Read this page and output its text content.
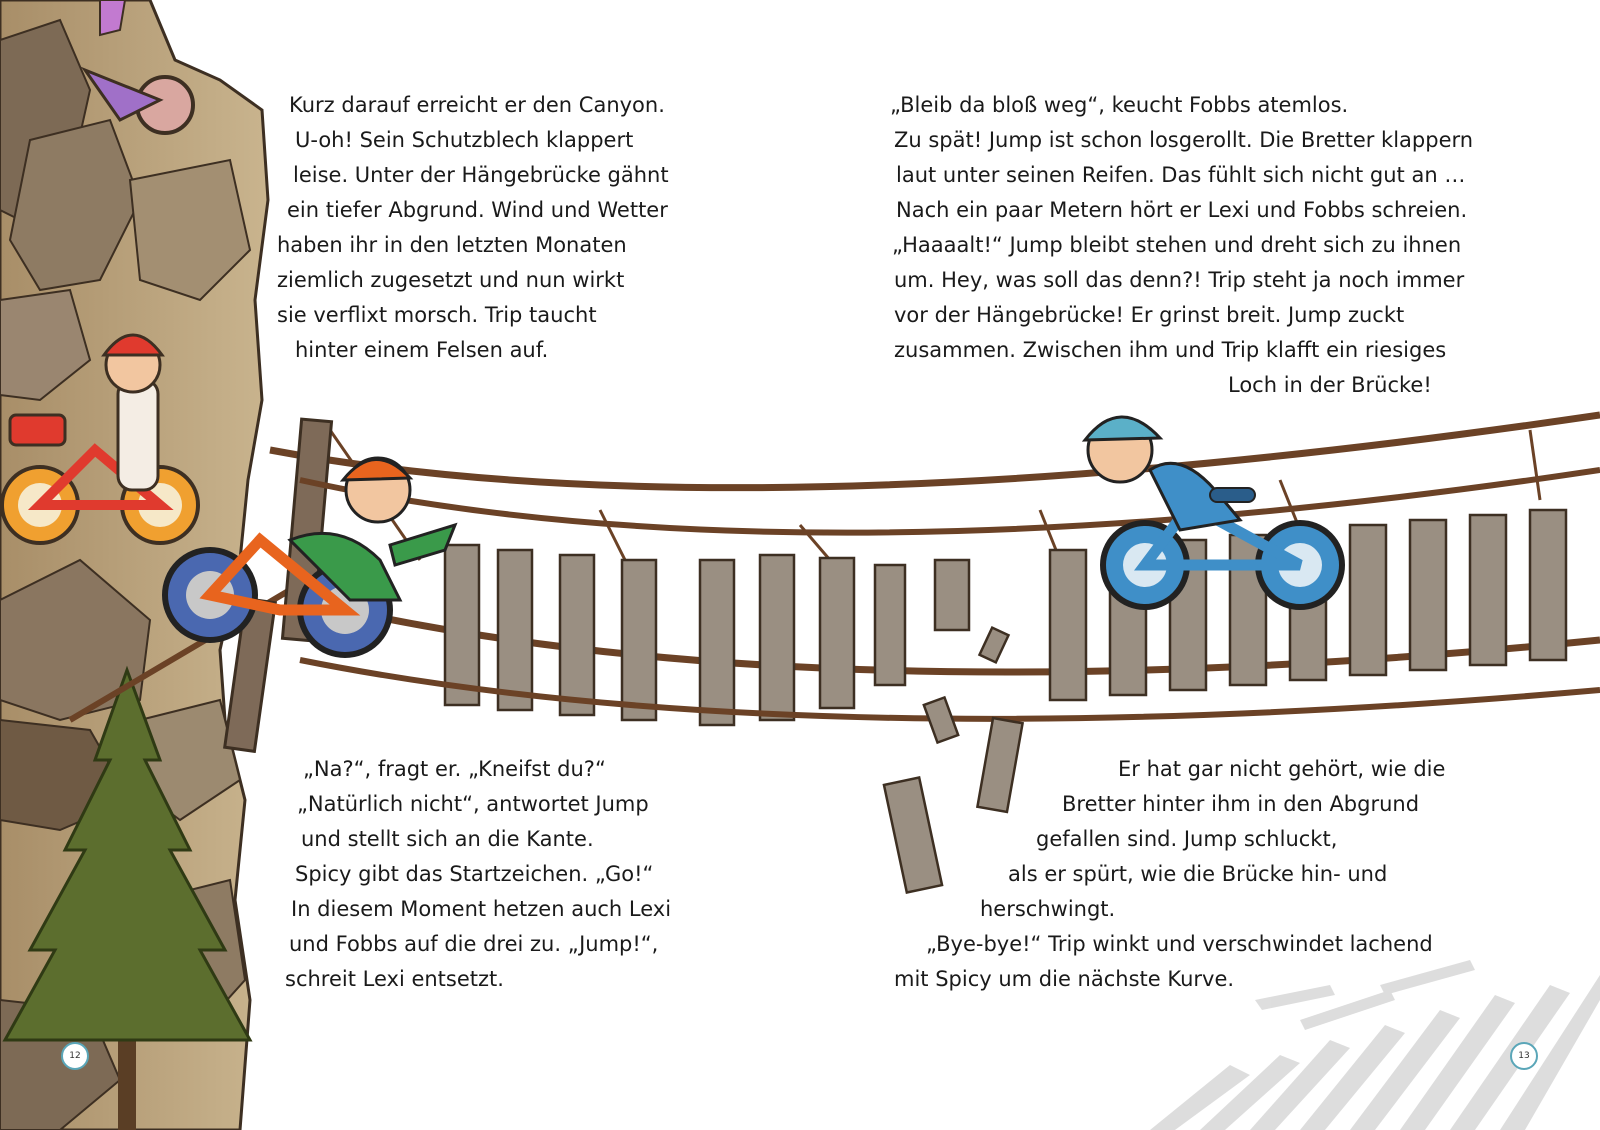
Kurz darauf erreicht er den Canyon.
U-oh! Sein Schutzblech klappert
leise. Unter der Hängebrücke gähnt
ein tiefer Abgrund. Wind und Wetter
haben ihr in den letzten Monaten
ziemlich zugesetzt und nun wirkt
sie verflixt morsch. Trip taucht
hinter einem Felsen auf.
„Na?“, fragt er. „Kneifst du?“
„Natürlich nicht“, antwortet Jump
und stellt sich an die Kante.
Spicy gibt das Startzeichen. „Go!“
In diesem Moment hetzen auch Lexi
und Fobbs auf die drei zu. „Jump!“,
schreit Lexi entsetzt.
„Bleib da bloß weg“, keucht Fobbs atemlos.
Zu spät! Jump ist schon losgerollt. Die Bretter klappern
laut unter seinen Reifen. Das fühlt sich nicht gut an …
Nach ein paar Metern hört er Lexi und Fobbs schreien.
„Haaaalt!“ Jump bleibt stehen und dreht sich zu ihnen
um. Hey, was soll das denn?! Trip steht ja noch immer
vor der Hängebrücke! Er grinst breit. Jump zuckt
zusammen. Zwischen ihm und Trip klafft ein riesiges
Loch in der Brücke!
Er hat gar nicht gehört, wie die
Bretter hinter ihm in den Abgrund
gefallen sind. Jump schluckt,
als er spürt, wie die Brücke hin- und
herschwingt.
„Bye-bye!“ Trip winkt und verschwindet lachend
mit Spicy um die nächste Kurve.
12	13
